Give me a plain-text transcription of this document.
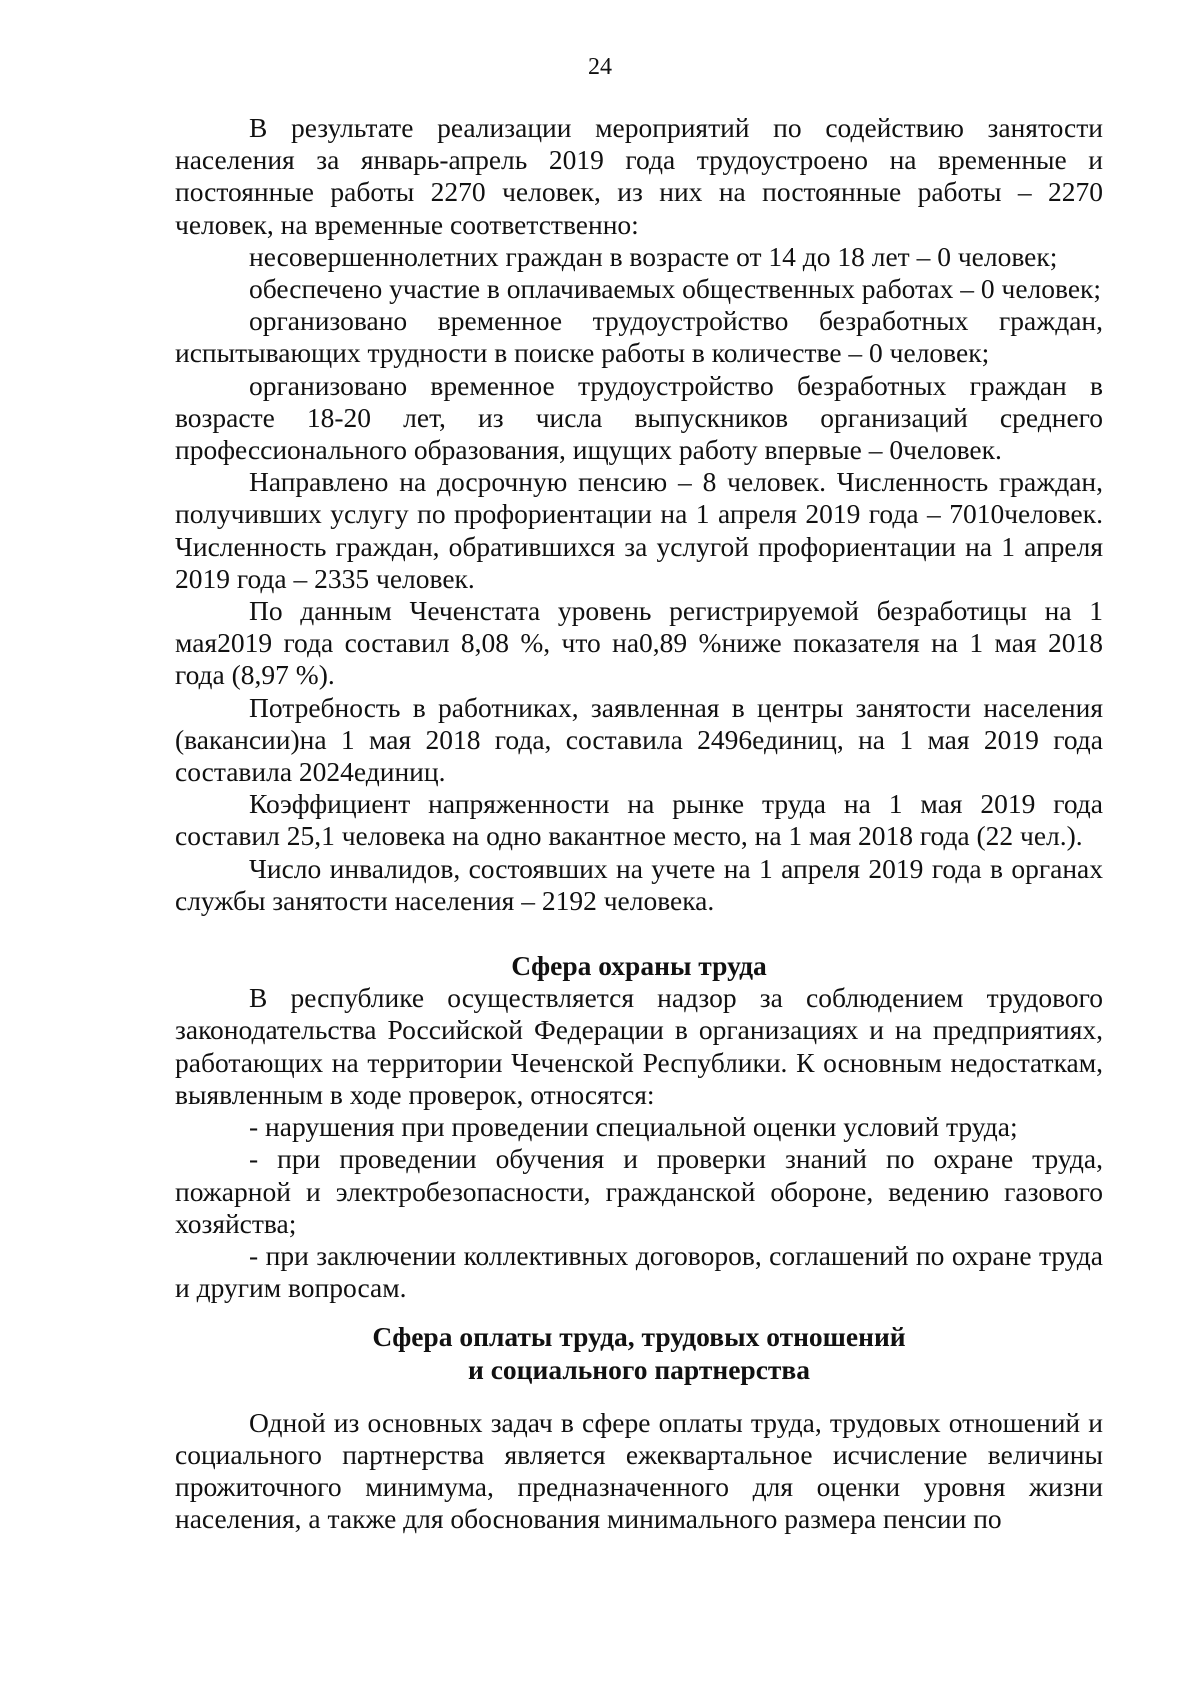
24

В результате реализации мероприятий по содействию занятости населения за январь-апрель 2019 года трудоустроено на временные и постоянные работы 2270 человек, из них на постоянные работы – 2270 человек, на временные соответственно:

несовершеннолетних граждан в возрасте от 14 до 18 лет – 0 человек;

обеспечено участие в оплачиваемых общественных работах – 0 человек;

организовано временное трудоустройство безработных граждан, испытывающих трудности в поиске работы в количестве – 0 человек;

организовано временное трудоустройство безработных граждан в возрасте 18-20 лет, из числа выпускников организаций среднего профессионального образования, ищущих работу впервые – 0человек.

Направлено на досрочную пенсию – 8 человек. Численность граждан, получивших услугу по профориентации на 1 апреля 2019 года – 7010человек. Численность граждан, обратившихся за услугой профориентации на 1 апреля 2019 года – 2335 человек.

По данным Чеченстата уровень регистрируемой безработицы на 1 мая2019 года составил 8,08 %, что на0,89 %ниже показателя на 1 мая 2018 года (8,97 %).

Потребность в работниках, заявленная в центры занятости населения (вакансии)на 1 мая 2018 года, составила 2496единиц, на 1 мая 2019 года составила 2024единиц.

Коэффициент напряженности на рынке труда на 1 мая 2019 года составил 25,1 человека на одно вакантное место, на 1 мая 2018 года (22 чел.).

Число инвалидов, состоявших на учете на 1 апреля 2019 года в органах службы занятости населения – 2192 человека.

Сфера охраны труда

В республике осуществляется надзор за соблюдением трудового законодательства Российской Федерации в организациях и на предприятиях, работающих на территории Чеченской Республики. К основным недостаткам, выявленным в ходе проверок, относятся:

- нарушения при проведении специальной оценки условий труда;

- при проведении обучения и проверки знаний по охране труда, пожарной и электробезопасности, гражданской обороне, ведению газового хозяйства;

- при заключении коллективных договоров, соглашений по охране труда и другим вопросам.

Сфера оплаты труда, трудовых отношений
и социального партнерства

Одной из основных задач в сфере оплаты труда, трудовых отношений и социального партнерства является ежеквартальное исчисление величины прожиточного минимума, предназначенного для оценки уровня жизни населения, а также для обоснования минимального размера пенсии по
